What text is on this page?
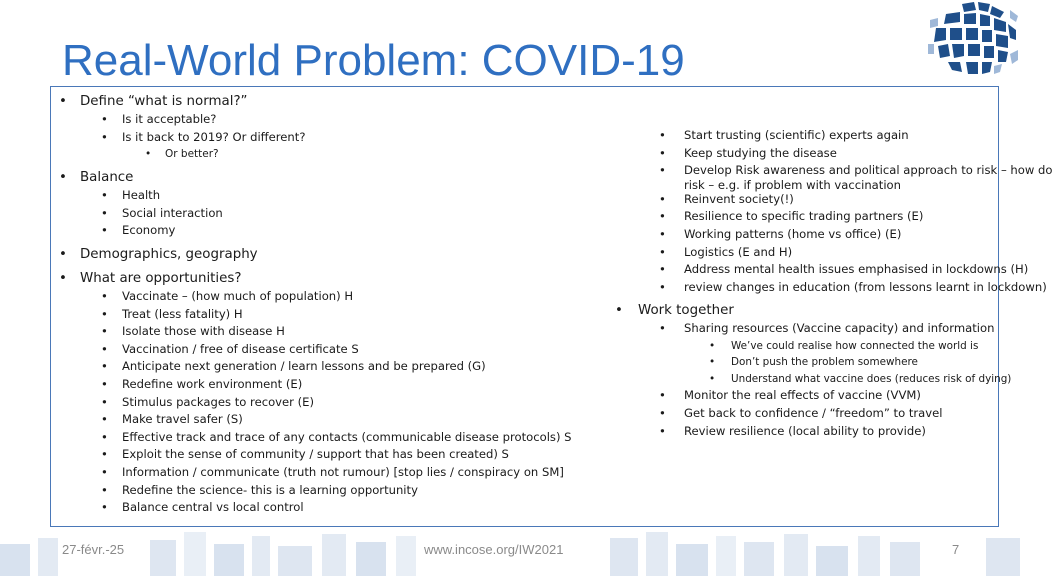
Real-World Problem: COVID-19
• Define “what is normal?”
• Is it acceptable?
• Is it back to 2019? Or different?
• Or better?
• Balance
• Health
• Social interaction
• Economy
• Demographics, geography
• What are opportunities?
• Vaccinate – (how much of population) H
• Treat (less fatality) H
• Isolate those with disease H
• Vaccination / free of disease certificate S
• Anticipate next generation / learn lessons and be prepared (G)
• Redefine work environment (E)
• Stimulus packages to recover (E)
• Make travel safer (S)
• Effective track and trace of any contacts (communicable disease protocols) S
• Exploit the sense of community / support that has been created) S
• Information / communicate (truth not rumour) [stop lies / conspiracy on SM]
• Redefine the science- this is a learning opportunity
• Balance central vs local control
• Start trusting (scientific) experts again
• Keep studying the disease
• Develop Risk awareness and political approach to risk – how do
risk – e.g. if problem with vaccination
• Reinvent society(!)
• Resilience to specific trading partners (E)
• Working patterns (home vs office) (E)
• Logistics (E and H)
• Address mental health issues emphasised in lockdowns (H)
• review changes in education (from lessons learnt in lockdown)
• Work together
• Sharing resources (Vaccine capacity) and information
• We’ve could realise how connected the world is
• Don’t push the problem somewhere
• Understand what vaccine does (reduces risk of dying)
• Monitor the real effects of vaccine (VVM)
• Get back to confidence / “freedom” to travel
• Review resilience (local ability to provide)
27-févr.-25	www.incose.org/IW2021	7
